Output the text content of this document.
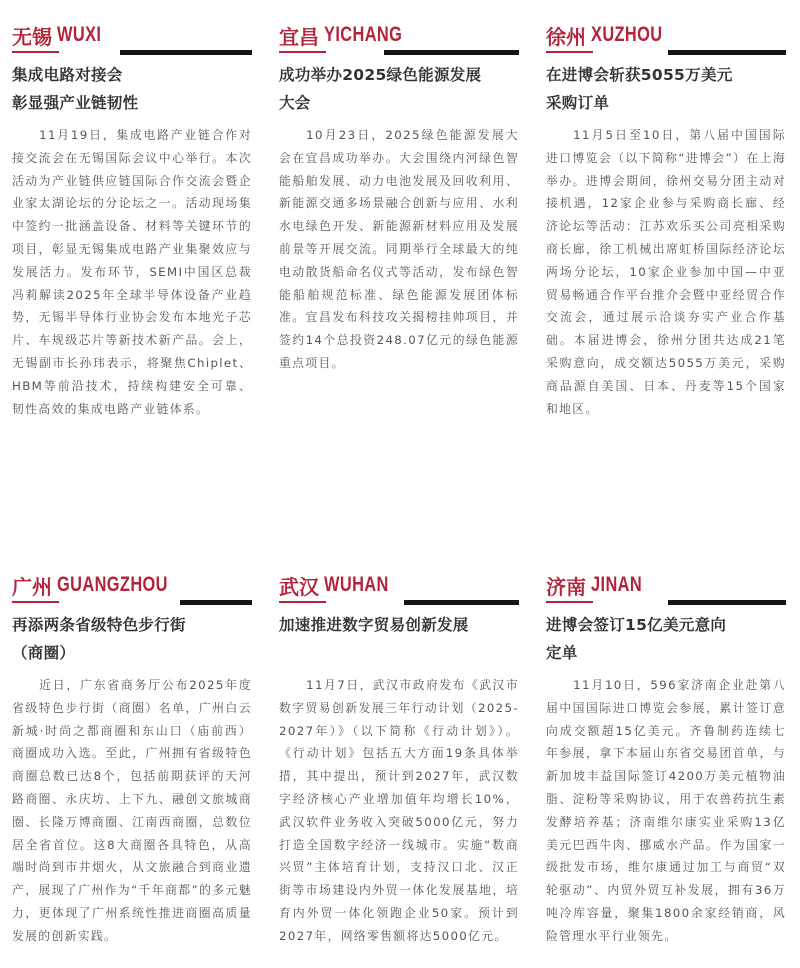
无锡 WUXI
集成电路对接会
彰显强产业链韧性
11月19日，集成电路产业链合作对接交流会在无锡国际会议中心举行。本次活动为产业链供应链国际合作交流会暨企业家太湖论坛的分论坛之一。活动现场集中签约一批涵盖设备、材料等关键环节的项目，彰显无锡集成电路产业集聚效应与发展活力。发布环节，SEMI中国区总裁冯莉解读2025年全球半导体设备产业趋势，无锡半导体行业协会发布本地光子芯片、车规级芯片等新技术新产品。会上，无锡副市长孙玮表示，将聚焦Chiplet、HBM等前沿技术，持续构建安全可靠、韧性高效的集成电路产业链体系。
宜昌 YICHANG
成功举办2025绿色能源发展
大会
10月23日，2025绿色能源发展大会在宜昌成功举办。大会围绕内河绿色智能船舶发展、动力电池发展及回收利用、新能源交通多场景融合创新与应用、水利水电绿色开发、新能源新材料应用及发展前景等开展交流。同期举行全球最大的纯电动散货船命名仪式等活动，发布绿色智能船舶规范标准、绿色能源发展团体标准。宜昌发布科技攻关揭榜挂帅项目，并签约14个总投资248.07亿元的绿色能源重点项目。
徐州 XUZHOU
在进博会斩获5055万美元
采购订单
11月5日至10日，第八届中国国际进口博览会（以下简称“进博会”）在上海举办。进博会期间，徐州交易分团主动对接机遇，12家企业参与采购商长廊、经济论坛等活动：江苏欢乐买公司亮相采购商长廊，徐工机械出席虹桥国际经济论坛两场分论坛，10家企业参加中国—中亚贸易畅通合作平台推介会暨中亚经贸合作交流会，通过展示洽谈夯实产业合作基础。本届进博会，徐州分团共达成21笔采购意向，成交额达5055万美元，采购商品源自美国、日本、丹麦等15个国家和地区。
广州 GUANGZHOU
再添两条省级特色步行街
（商圈）
近日，广东省商务厅公布2025年度省级特色步行街（商圈）名单，广州白云新城·时尚之都商圈和东山口（庙前西）商圈成功入选。至此，广州拥有省级特色商圈总数已达8个，包括前期获评的天河路商圈、永庆坊、上下九、融创文旅城商圈、长隆万博商圈、江南西商圈，总数位居全省首位。这8大商圈各具特色，从高端时尚到市井烟火，从文旅融合到商业遗产，展现了广州作为“千年商都”的多元魅力，更体现了广州系统性推进商圈高质量发展的创新实践。
武汉 WUHAN
加速推进数字贸易创新发展
11月7日，武汉市政府发布《武汉市数字贸易创新发展三年行动计划（2025-2027年）》（以下简称《行动计划》）。《行动计划》包括五大方面19条具体举措，其中提出，预计到2027年，武汉数字经济核心产业增加值年均增长10%，武汉软件业务收入突破5000亿元，努力打造全国数字经济一线城市。实施“数商兴贸”主体培育计划，支持汉口北、汉正街等市场建设内外贸一体化发展基地，培育内外贸一体化领跑企业50家。预计到2027年，网络零售额将达5000亿元。
济南 JINAN
进博会签订15亿美元意向
定单
11月10日，596家济南企业赴第八届中国国际进口博览会参展，累计签订意向成交额超15亿美元。齐鲁制药连续七年参展，拿下本届山东省交易团首单，与新加坡丰益国际签订4200万美元植物油脂、淀粉等采购协议，用于农兽药抗生素发酵培养基；济南维尔康实业采购13亿美元巴西牛肉、挪威水产品。作为国家一级批发市场，维尔康通过加工与商贸“双轮驱动”、内贸外贸互补发展，拥有36万吨冷库容量，聚集1800余家经销商，风险管理水平行业领先。
